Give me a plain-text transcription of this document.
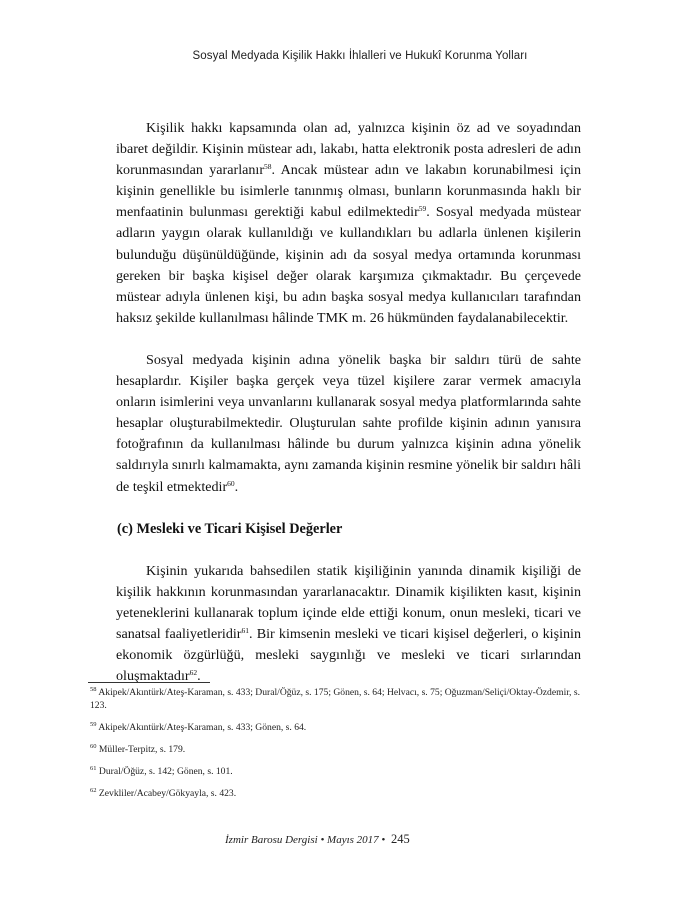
Sosyal Medyada Kişilik Hakkı İhlalleri ve Hukukî Korunma Yolları

Kişilik hakkı kapsamında olan ad, yalnızca kişinin öz ad ve soyadından ibaret değildir. Kişinin müstear adı, lakabı, hatta elektronik posta adresleri de adın korunmasından yararlanır$^{58}$. Ancak müstear adın ve lakabın korunabilmesi için kişinin genellikle bu isimlerle tanınmış olması, bunların korunmasında haklı bir menfaatinin bulunması gerektiği kabul edilmektedir$^{59}$. Sosyal medyada müstear adların yaygın olarak kullanıldığı ve kullandıkları bu adlarla ünlenen kişilerin bulunduğu düşünüldüğünde, kişinin adı da sosyal medya ortamında korunması gereken bir başka kişisel değer olarak karşımıza çıkmaktadır. Bu çerçevede müstear adıyla ünlenen kişi, bu adın başka sosyal medya kullanıcıları tarafından haksız şekilde kullanılması hâlinde TMK m. 26 hükmünden faydalanabilecektir.

Sosyal medyada kişinin adına yönelik başka bir saldırı türü de sahte hesaplardır. Kişiler başka gerçek veya tüzel kişilere zarar vermek amacıyla onların isimlerini veya unvanlarını kullanarak sosyal medya platformlarında sahte hesaplar oluşturabilmektedir. Oluşturulan sahte profilde kişinin adının yanısıra fotoğrafının da kullanılması hâlinde bu durum yalnızca kişinin adına yönelik saldırıyla sınırlı kalmamakta, aynı zamanda kişinin resmine yönelik bir saldırı hâli de teşkil etmektedir$^{60}$.

(c) Mesleki ve Ticari Kişisel Değerler

Kişinin yukarıda bahsedilen statik kişiliğinin yanında dinamik kişiliği de kişilik hakkının korunmasından yararlanacaktır. Dinamik kişilikten kasıt, kişinin yeteneklerini kullanarak toplum içinde elde ettiği konum, onun mesleki, ticari ve sanatsal faaliyetleridir$^{61}$. Bir kimsenin mesleki ve ticari kişisel değerleri, o kişinin ekonomik özgürlüğü, mesleki saygınlığı ve mesleki ve ticari sırlarından oluşmaktadır$^{62}$.

$^{58}$ Akipek/Akıntürk/Ateş-Karaman, s. 433; Dural/Öğüz, s. 175; Gönen, s. 64; Helvacı, s. 75; Oğuzman/Seliçi/Oktay-Özdemir, s. 123.

$^{59}$ Akipek/Akıntürk/Ateş-Karaman, s. 433; Gönen, s. 64.

$^{60}$ Müller-Terpitz, s. 179.

$^{61}$ Dural/Öğüz, s. 142; Gönen, s. 101.

$^{62}$ Zevkliler/Acabey/Gökyayla, s. 423.

İzmir Barosu Dergisi • Mayıs 2017 • 245
